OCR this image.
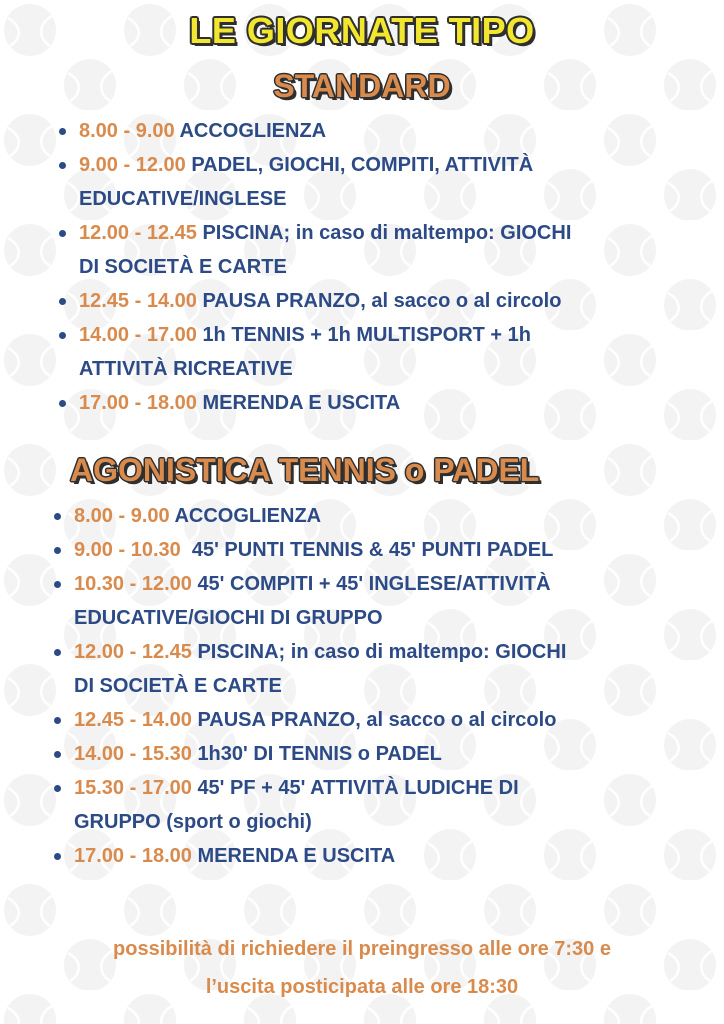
LE GIORNATE TIPO
STANDARD
8.00 - 9.00 ACCOGLIENZA
9.00 - 12.00 PADEL, GIOCHI, COMPITI, ATTIVITÀ
EDUCATIVE/INGLESE
12.00 - 12.45 PISCINA; in caso di maltempo: GIOCHI
DI SOCIETÀ E CARTE
12.45 - 14.00 PAUSA PRANZO, al sacco o al circolo
14.00 - 17.00 1h TENNIS + 1h MULTISPORT + 1h
ATTIVITÀ RICREATIVE
17.00 - 18.00 MERENDA E USCITA
AGONISTICA TENNIS o PADEL
8.00 - 9.00 ACCOGLIENZA
9.00 - 10.30  45' PUNTI TENNIS & 45' PUNTI PADEL
10.30 - 12.00 45' COMPITI + 45' INGLESE/ATTIVITÀ
EDUCATIVE/GIOCHI DI GRUPPO
12.00 - 12.45 PISCINA; in caso di maltempo: GIOCHI
DI SOCIETÀ E CARTE
12.45 - 14.00 PAUSA PRANZO, al sacco o al circolo
14.00 - 15.30 1h30' DI TENNIS o PADEL
15.30 - 17.00 45' PF + 45' ATTIVITÀ LUDICHE DI
GRUPPO (sport o giochi)
17.00 - 18.00 MERENDA E USCITA
possibilità di richiedere il preingresso alle ore 7:30 e
l’uscita posticipata alle ore 18:30
